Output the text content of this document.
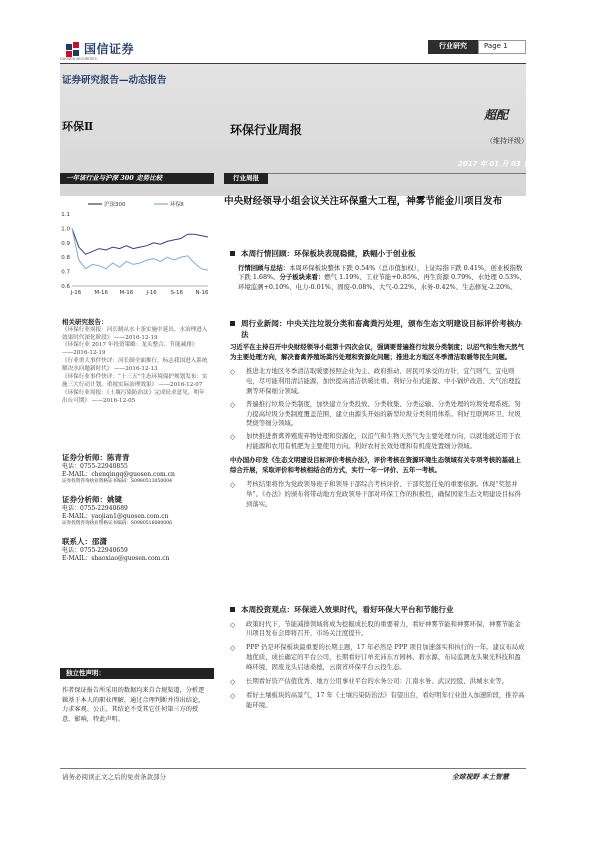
国信证券
GUOSEN SECURITIES
行业研究	Page 1
证券研究报告—动态报告
环保Ⅱ	环保行业周报
超配
（维持评级）
2017 年 01 月 03 日
一年该行业与沪深 300 走势比较	行业周报
1.1
1.0
0.9
0.8
0.7
0.6
J-16 M-16 M-16 J-16 S-16 N-16
沪深300	环保Ⅱ
相关研究报告：
《环保行业周报：河长制从水十条实施中延出，水治理进入效果时代深化阶段》 ——2016-12-19
《环保行业 2017 年投资策略：龙头整合、节能减排》 ——2016-12-19
《行业重大事件快评：河长制全面推行，标志我国进入系统解决水问题新时代》 ——2016-12-13
《环保行业事件快评：“十三五”生态环境保护规划发布：实施三大行动计划，重视实际治理效果》 ——2016-12-07
《环保行业周报：《土壤污染防治法》完成征求意见，明年出台可期》 ——2016-12-05
证券分析师：陈青青
电话：0755-22940855
E-MAIL：chenqingq@guosen.com.cn
证券投资咨询执业资格证书编码：S0980513050004
证券分析师：姚键
电话：0755-22940689
E-MAIL：yaojian1@guosen.com.cn
证券投资咨询执业资格证书编码：S0980516080006
联系人：邵潇
电话：0755-22940659
E-MAIL：shaoxiao@guosen.com.cn
独立性声明：
作者保证报告所采用的数据均来自合规渠道，分析逻辑基于本人的职业理解，通过合理判断并得出结论，力求客观、公正，其结论不受其它任何第三方的授意、影响，特此声明。
中央财经领导小组会议关注环保重大工程，神雾节能金川项目发布
本周行情回顾：环保板块表现稳健，跌幅小于创业板
行情回顾与总结：本周环保板块整体下跌 0.54%（总市值加权），上证综指下跌 0.41%，创业板指数下跌 1.68%。分子板块来看：燃气 1.19%、工业节能+0.85%、再生资源 0.79%、水处理 0.53%、环境监测+0.10%、电力-0.01%、固废-0.08%、大气-0.22%、水务-0.42%、生态修复-2.20%。
周行业新闻：中央关注垃圾分类和畜禽粪污处理，颁布生态文明建设目标评价考核办法
习近平在主持召开中央财经领导小组第十四次会议，强调要普遍推行垃圾分类制度；以沼气和生物天然气为主要处理方向，解决畜禽养殖场粪污处理和资源化问题；推进北方地区冬季清洁取暖等民生问题。
◇ 推进北方地区冬季清洁取暖要按照企业为主、政府推动、居民可承受的方针，宜气则气，宜电则电，尽可能利用清洁能源，加快提高清洁供暖比重。利好分布式能源、中小锅炉改造、大气治理监测等环保细分领域。
◇ 普遍推行垃圾分类制度，加快建立分类投放、分类收集、分类运输、分类处理的垃圾处理系统。努力提高垃圾分类制度覆盖范围，建立由源头开始的新型垃圾分类利用体系。利好互联网环卫、垃圾焚烧等细分领域。
◇ 加快推进畜禽养殖废弃物处理和资源化，以沼气和生物天然气为主要处理方向，以就地就近用于农村能源和农用有机肥为主要使用方向。利好农村长效处理和有机废处置细分领域。
中办国办印发《生态文明建设目标评价考核办法》，评价考核在资源环境生态领域有关专项考核的基础上综合开展，采取评价和考核相结合的方式，实行一年一评价、五年一考核。
◇ 考核结果将作为党政领导班子和领导干部综合考核评价、干部奖惩任免的重要依据。体现“奖惩并举”。《办法》的颁布将带动地方党政领导干部对环保工作的积极性，确保国家生态文明建设目标得到落实。
本周投资观点：环保进入效果时代，看好环保大平台和节能行业
◇ 政策时代下，节能减排领域将成为挖掘成长股的重要着力，看好神雾节能和神雾环保，神雾节能金川项目发布会即将召开，市场关注度提升。
◇ PPP 仍是环保板块最重要的长期主题，17 年必然是 PPP 项目加速落实和执行的一年。建议布局成地优质、成长确定的平台公司，长期看好订单充沛东方园林、碧水源、布局监测龙头聚光科技和盈峰环境，固废龙头启迪桑德，云南省环保平台云投生态。
◇ 长期看好资产估值优秀、地方公用事业平台的水务公司：江南水务、武汉控股、洪城水业等。
◇ 看好土壤板块的高景气，17 年《土壤污染防治法》有望出台，看好明年行业进入加速阶段，推荐高能环境。
请务必阅读正文之后的免责条款部分	全球视野 本土智慧
